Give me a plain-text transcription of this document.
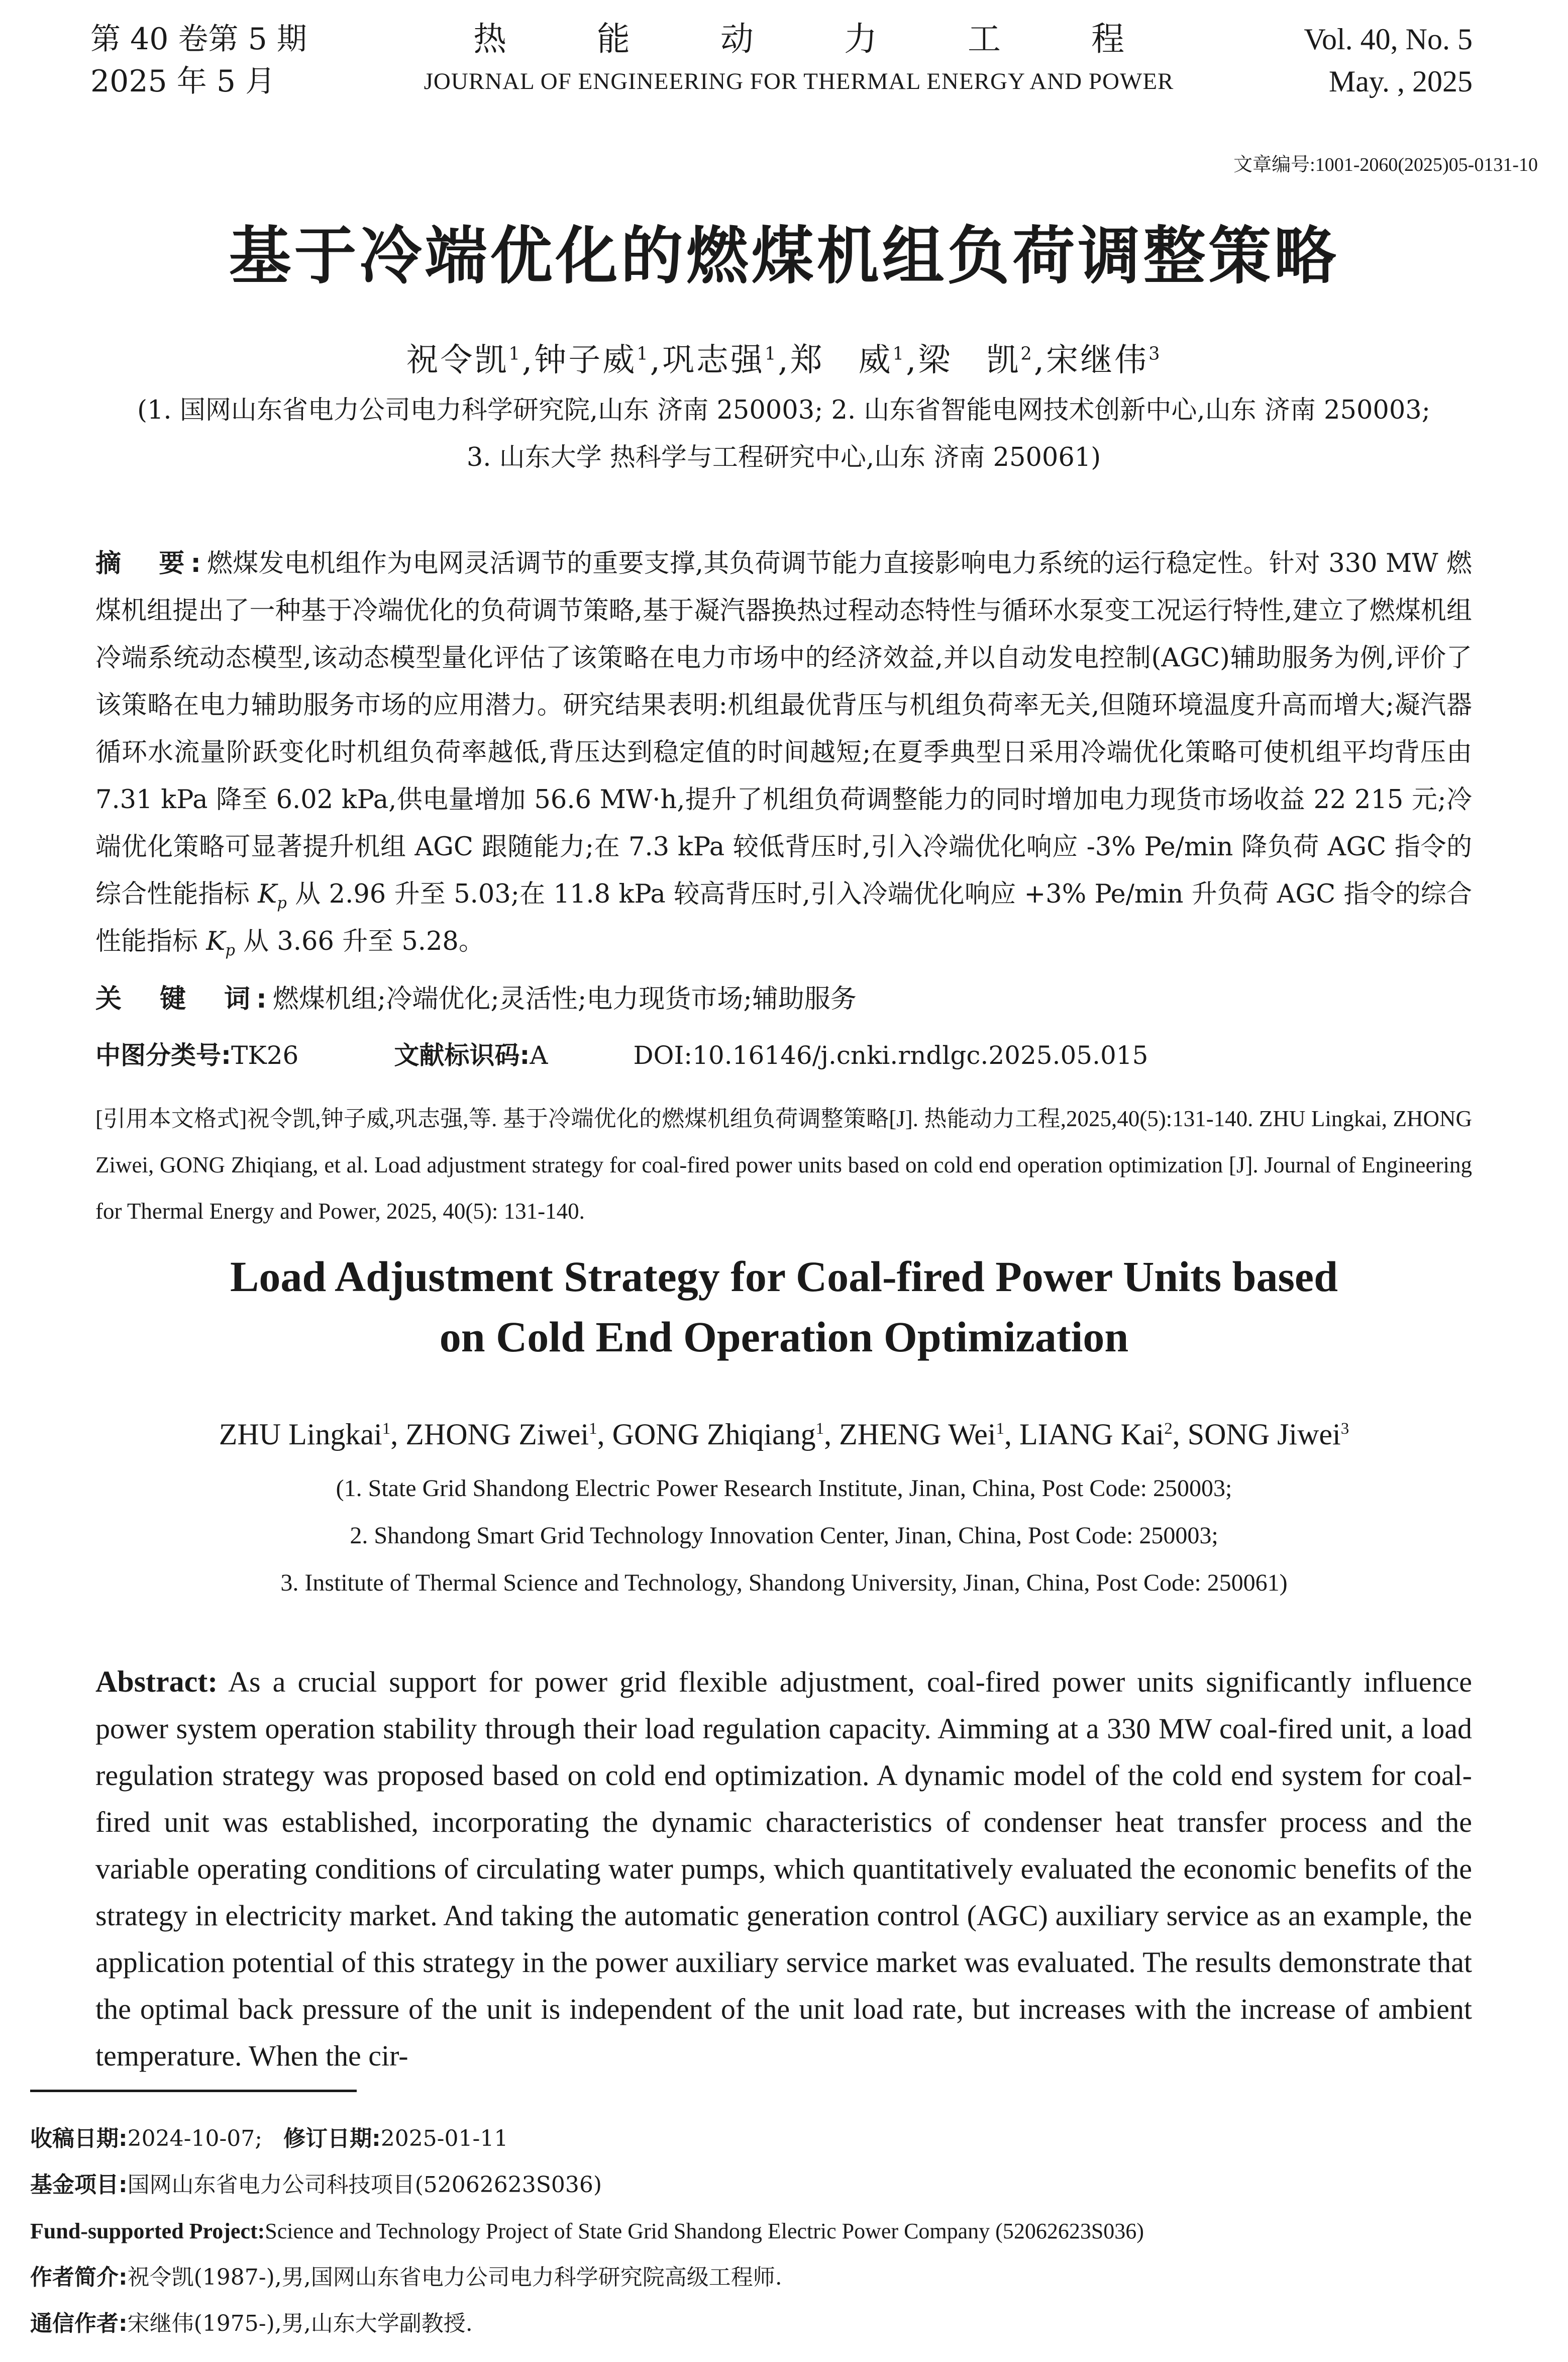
第 40 卷第 5 期
2025 年 5 月
热能动力工程
JOURNAL OF ENGINEERING FOR THERMAL ENERGY AND POWER
Vol. 40, No. 5
May. , 2025
文章编号:1001-2060(2025)05-0131-10
基于冷端优化的燃煤机组负荷调整策略
祝令凯$^1$,钟子威$^1$,巩志强$^1$,郑　威$^1$,梁　凯$^2$,宋继伟$^3$
(1. 国网山东省电力公司电力科学研究院,山东 济南 250003; 2. 山东省智能电网技术创新中心,山东 济南 250003;
3. 山东大学 热科学与工程研究中心,山东 济南 250061)
摘　要:燃煤发电机组作为电网灵活调节的重要支撑,其负荷调节能力直接影响电力系统的运行稳定性。针对 330 MW 燃煤机组提出了一种基于冷端优化的负荷调节策略,基于凝汽器换热过程动态特性与循环水泵变工况运行特性,建立了燃煤机组冷端系统动态模型,该动态模型量化评估了该策略在电力市场中的经济效益,并以自动发电控制(AGC)辅助服务为例,评价了该策略在电力辅助服务市场的应用潜力。研究结果表明:机组最优背压与机组负荷率无关,但随环境温度升高而增大;凝汽器循环水流量阶跃变化时机组负荷率越低,背压达到稳定值的时间越短;在夏季典型日采用冷端优化策略可使机组平均背压由 7.31 kPa 降至 6.02 kPa,供电量增加 56.6 MW·h,提升了机组负荷调整能力的同时增加电力现货市场收益 22 215 元;冷端优化策略可显著提升机组 AGC 跟随能力;在 7.3 kPa 较低背压时,引入冷端优化响应 -3% Pe/min 降负荷 AGC 指令的综合性能指标 $K_p$ 从 2.96 升至 5.03;在 11.8 kPa 较高背压时,引入冷端优化响应 +3% Pe/min 升负荷 AGC 指令的综合性能指标 $K_p$ 从 3.66 升至 5.28。
关　键　词:燃煤机组;冷端优化;灵活性;电力现货市场;辅助服务
中图分类号:TK26	文献标识码:A	DOI:10.16146/j.cnki.rndlgc.2025.05.015
[引用本文格式]祝令凯,钟子威,巩志强,等. 基于冷端优化的燃煤机组负荷调整策略[J]. 热能动力工程,2025,40(5):131-140. ZHU Lingkai, ZHONG Ziwei, GONG Zhiqiang, et al. Load adjustment strategy for coal-fired power units based on cold end operation optimization [J]. Journal of Engineering for Thermal Energy and Power, 2025, 40(5): 131-140.
Load Adjustment Strategy for Coal-fired Power Units based
on Cold End Operation Optimization
ZHU Lingkai$^1$, ZHONG Ziwei$^1$, GONG Zhiqiang$^1$, ZHENG Wei$^1$, LIANG Kai$^2$, SONG Jiwei$^3$
(1. State Grid Shandong Electric Power Research Institute, Jinan, China, Post Code: 250003;
2. Shandong Smart Grid Technology Innovation Center, Jinan, China, Post Code: 250003;
3. Institute of Thermal Science and Technology, Shandong University, Jinan, China, Post Code: 250061)
Abstract: As a crucial support for power grid flexible adjustment, coal-fired power units significantly influence power system operation stability through their load regulation capacity. Aimming at a 330 MW coal-fired unit, a load regulation strategy was proposed based on cold end optimization. A dynamic model of the cold end system for coal-fired unit was established, incorporating the dynamic characteristics of condenser heat transfer process and the variable operating conditions of circulating water pumps, which quantitatively evaluated the economic benefits of the strategy in electricity market. And taking the automatic generation control (AGC) auxiliary service as an example, the application potential of this strategy in the power auxiliary service market was evaluated. The results demonstrate that the optimal back pressure of the unit is independent of the unit load rate, but increases with the increase of ambient temperature. When the cir-
收稿日期:2024-10-07; 修订日期:2025-01-11
基金项目:国网山东省电力公司科技项目(52062623S036)
Fund-supported Project:Science and Technology Project of State Grid Shandong Electric Power Company (52062623S036)
作者简介:祝令凯(1987-),男,国网山东省电力公司电力科学研究院高级工程师.
通信作者:宋继伟(1975-),男,山东大学副教授.
